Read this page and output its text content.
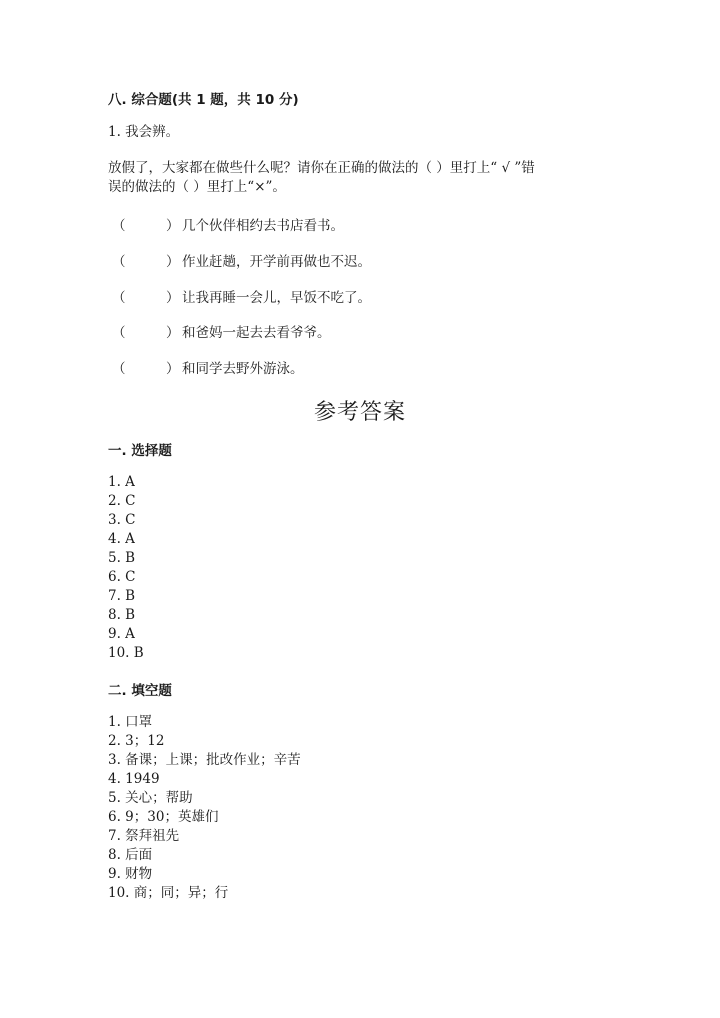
八. 综合题(共 1 题，共 10 分)
1. 我会辨。
放假了，大家都在做些什么呢？请你在正确的做法的（ ）里打上“ √ ”错
误的做法的（ ）里打上“×”。
（	） 几个伙伴相约去书店看书。
（	） 作业赶趟，开学前再做也不迟。
（	） 让我再睡一会儿，早饭不吃了。
（	） 和爸妈一起去去看爷爷。
（	） 和同学去野外游泳。
参考答案
一. 选择题
1. A
2. C
3. C
4. A
5. B
6. C
7. B
8. B
9. A
10. B
二. 填空题
1. 口罩
2. 3；12
3. 备课；上课；批改作业；辛苦
4. 1949
5. 关心；帮助
6. 9；30；英雄们
7. 祭拜祖先
8. 后面
9. 财物
10. 商；同；异；行
